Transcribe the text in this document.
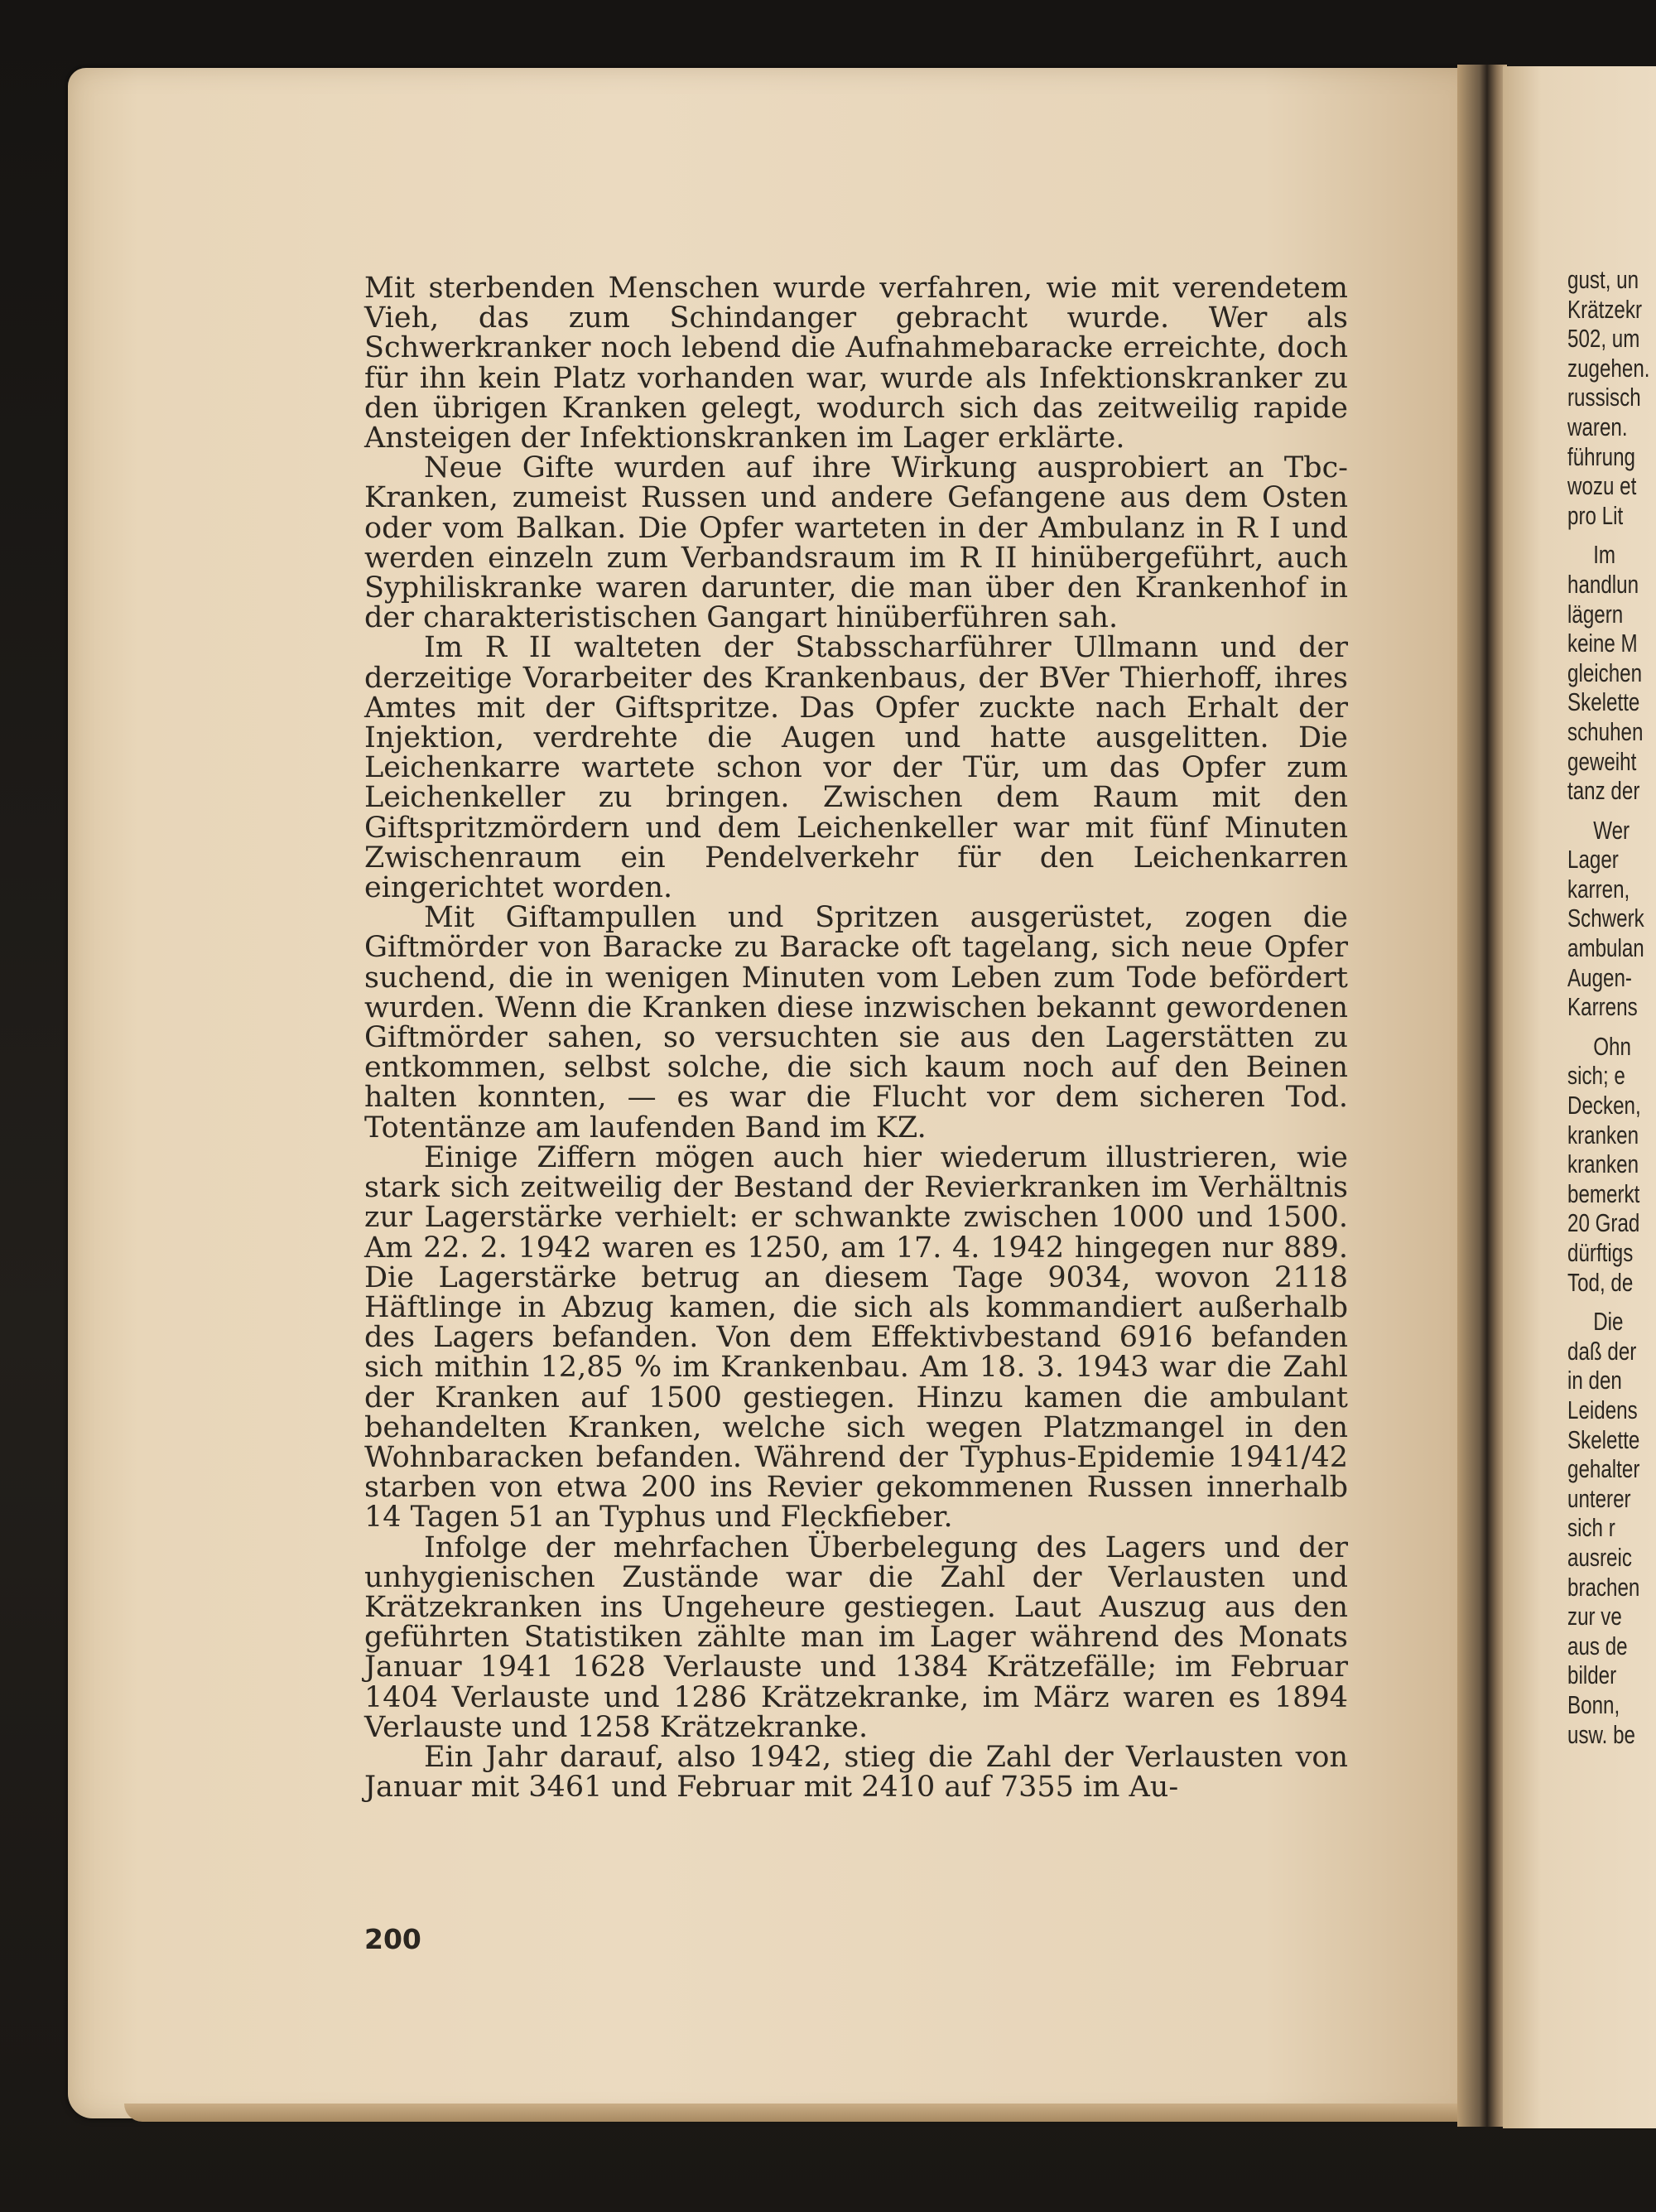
Mit sterbenden Menschen wurde verfahren, wie mit verendetem Vieh, das zum Schindanger gebracht wurde. Wer als Schwerkranker noch lebend die Aufnahmebaracke erreichte, doch für ihn kein Platz vorhanden war, wurde als Infektionskranker zu den übrigen Kranken gelegt, wodurch sich das zeitweilig rapide Ansteigen der Infektionskranken im Lager erklärte.

Neue Gifte wurden auf ihre Wirkung ausprobiert an Tbc-Kranken, zumeist Russen und andere Gefangene aus dem Osten oder vom Balkan. Die Opfer warteten in der Ambulanz in R I und werden einzeln zum Verbandsraum im R II hinübergeführt, auch Syphiliskranke waren darunter, die man über den Krankenhof in der charakteristischen Gangart hinüberführen sah.

Im R II walteten der Stabsscharführer Ullmann und der derzeitige Vorarbeiter des Krankenbaus, der BVer Thierhoff, ihres Amtes mit der Giftspritze. Das Opfer zuckte nach Erhalt der Injektion, verdrehte die Augen und hatte ausgelitten. Die Leichenkarre wartete schon vor der Tür, um das Opfer zum Leichenkeller zu bringen. Zwischen dem Raum mit den Giftspritzmördern und dem Leichenkeller war mit fünf Minuten Zwischenraum ein Pendelverkehr für den Leichenkarren eingerichtet worden.

Mit Giftampullen und Spritzen ausgerüstet, zogen die Giftmörder von Baracke zu Baracke oft tagelang, sich neue Opfer suchend, die in wenigen Minuten vom Leben zum Tode befördert wurden. Wenn die Kranken diese inzwischen bekannt gewordenen Giftmörder sahen, so versuchten sie aus den Lagerstätten zu entkommen, selbst solche, die sich kaum noch auf den Beinen halten konnten, — es war die Flucht vor dem sicheren Tod. Totentänze am laufenden Band im KZ.

Einige Ziffern mögen auch hier wiederum illustrieren, wie stark sich zeitweilig der Bestand der Revierkranken im Verhältnis zur Lagerstärke verhielt: er schwankte zwischen 1000 und 1500. Am 22. 2. 1942 waren es 1250, am 17. 4. 1942 hingegen nur 889. Die Lagerstärke betrug an diesem Tage 9034, wovon 2118 Häftlinge in Abzug kamen, die sich als kommandiert außerhalb des Lagers befanden. Von dem Effektivbestand 6916 befanden sich mithin 12,85 % im Krankenbau. Am 18. 3. 1943 war die Zahl der Kranken auf 1500 gestiegen. Hinzu kamen die ambulant behandelten Kranken, welche sich wegen Platzmangel in den Wohnbaracken befanden. Während der Typhus-Epidemie 1941/42 starben von etwa 200 ins Revier gekommenen Russen innerhalb 14 Tagen 51 an Typhus und Fleckfieber.

Infolge der mehrfachen Überbelegung des Lagers und der unhygienischen Zustände war die Zahl der Verlausten und Krätzekranken ins Ungeheure gestiegen. Laut Auszug aus den geführten Statistiken zählte man im Lager während des Monats Januar 1941 1628 Verlauste und 1384 Krätzefälle; im Februar 1404 Verlauste und 1286 Krätzekranke, im März waren es 1894 Verlauste und 1258 Krätzekranke.

Ein Jahr darauf, also 1942, stieg die Zahl der Verlausten von Januar mit 3461 und Februar mit 2410 auf 7355 im Au-

200
gust, un
Krätzekr
502, um
zugehen.
russisch
waren.
führung
wozu et
pro Lit
Im
handlun
lägern
keine M
gleichen
Skelette
schuhen
geweiht
tanz der
Wer
Lager
karren,
Schwerk
ambulan
Augen-
Karrens
Ohn
sich; e
Decken,
kranken
kranken
bemerkt
20 Grad
dürftigs
Tod, de
Die
daß der
in den
Leidens
Skelette
gehalter
unterer
sich r
ausreic
brachen
zur ve
aus de
bilder
Bonn,
usw. be
